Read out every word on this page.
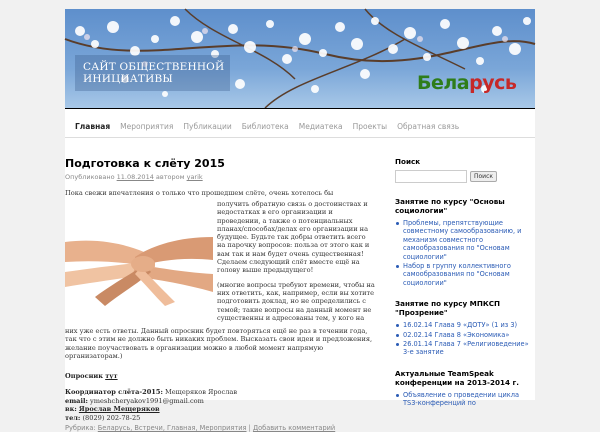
САЙТ ОБЩЕСТВЕННОЙ
ИНИЦИАТИВЫ	Беларусь
Главная Мероприятия Публикации Библиотека Медиатека Проекты Обратная связь
Подготовка к слёту 2015
Опубликовано 11.08.2014 автором yarik

Пока свежи впечатления о только что прошедшем слёте, очень хотелось бы

получить обратную связь о достоинствах и недостатках в его организации и проведении, а также о потенциальных планах/способах/делах его организации на будущее. Будьте так добры ответить всего на парочку вопросов: польза от этого как и вам так и нам будет очень существенная! Сделаем следующий слёт вместе ещё на голову выше предыдущего!

(многие вопросы требуют времени, чтобы на них ответить, как, например, если вы хотите подготовить доклад, но не определились с темой; такие вопросы на данный момент не существенны и адресованы тем, у кого на

них уже есть ответы. Данный опросник будет повторяться ещё не раз в течении года, так что с этим не должно быть никаких проблем. Высказать свои идеи и предложения, желание поучаствовать в организации можно в любой момент напрямую организаторам.)

Опросник тут
Координатор слёта-2015: Мещеряков Ярослав
email: ymeshcheryakov1991@gmail.com
вк: Ярослав Мещеряков
тел: (8029) 202-78-25
Рубрика: Беларусь, Встречи, Главная, Мероприятия | Добавить комментарий
Поиск
Поиск
Занятие по курсу "Основы социологии"
Проблемы, препятствующие совместному самообразованию, и механизм совместного самообразования по "Основам социологии"
Набор в группу коллективного самообразования по "Основам социологии"
Занятие по курсу МПКСП "Прозрение"
16.02.14 Глава 9 «ДОТУ» (1 из 3)
02.02.14 Глава 8 «Экономика»
26.01.14 Глава 7 «Религиоведение» 3-е занятие
Актуальные TeamSpeak конференции на 2013-2014 г.
Объявление о проведении цикла TS3-конференций по
